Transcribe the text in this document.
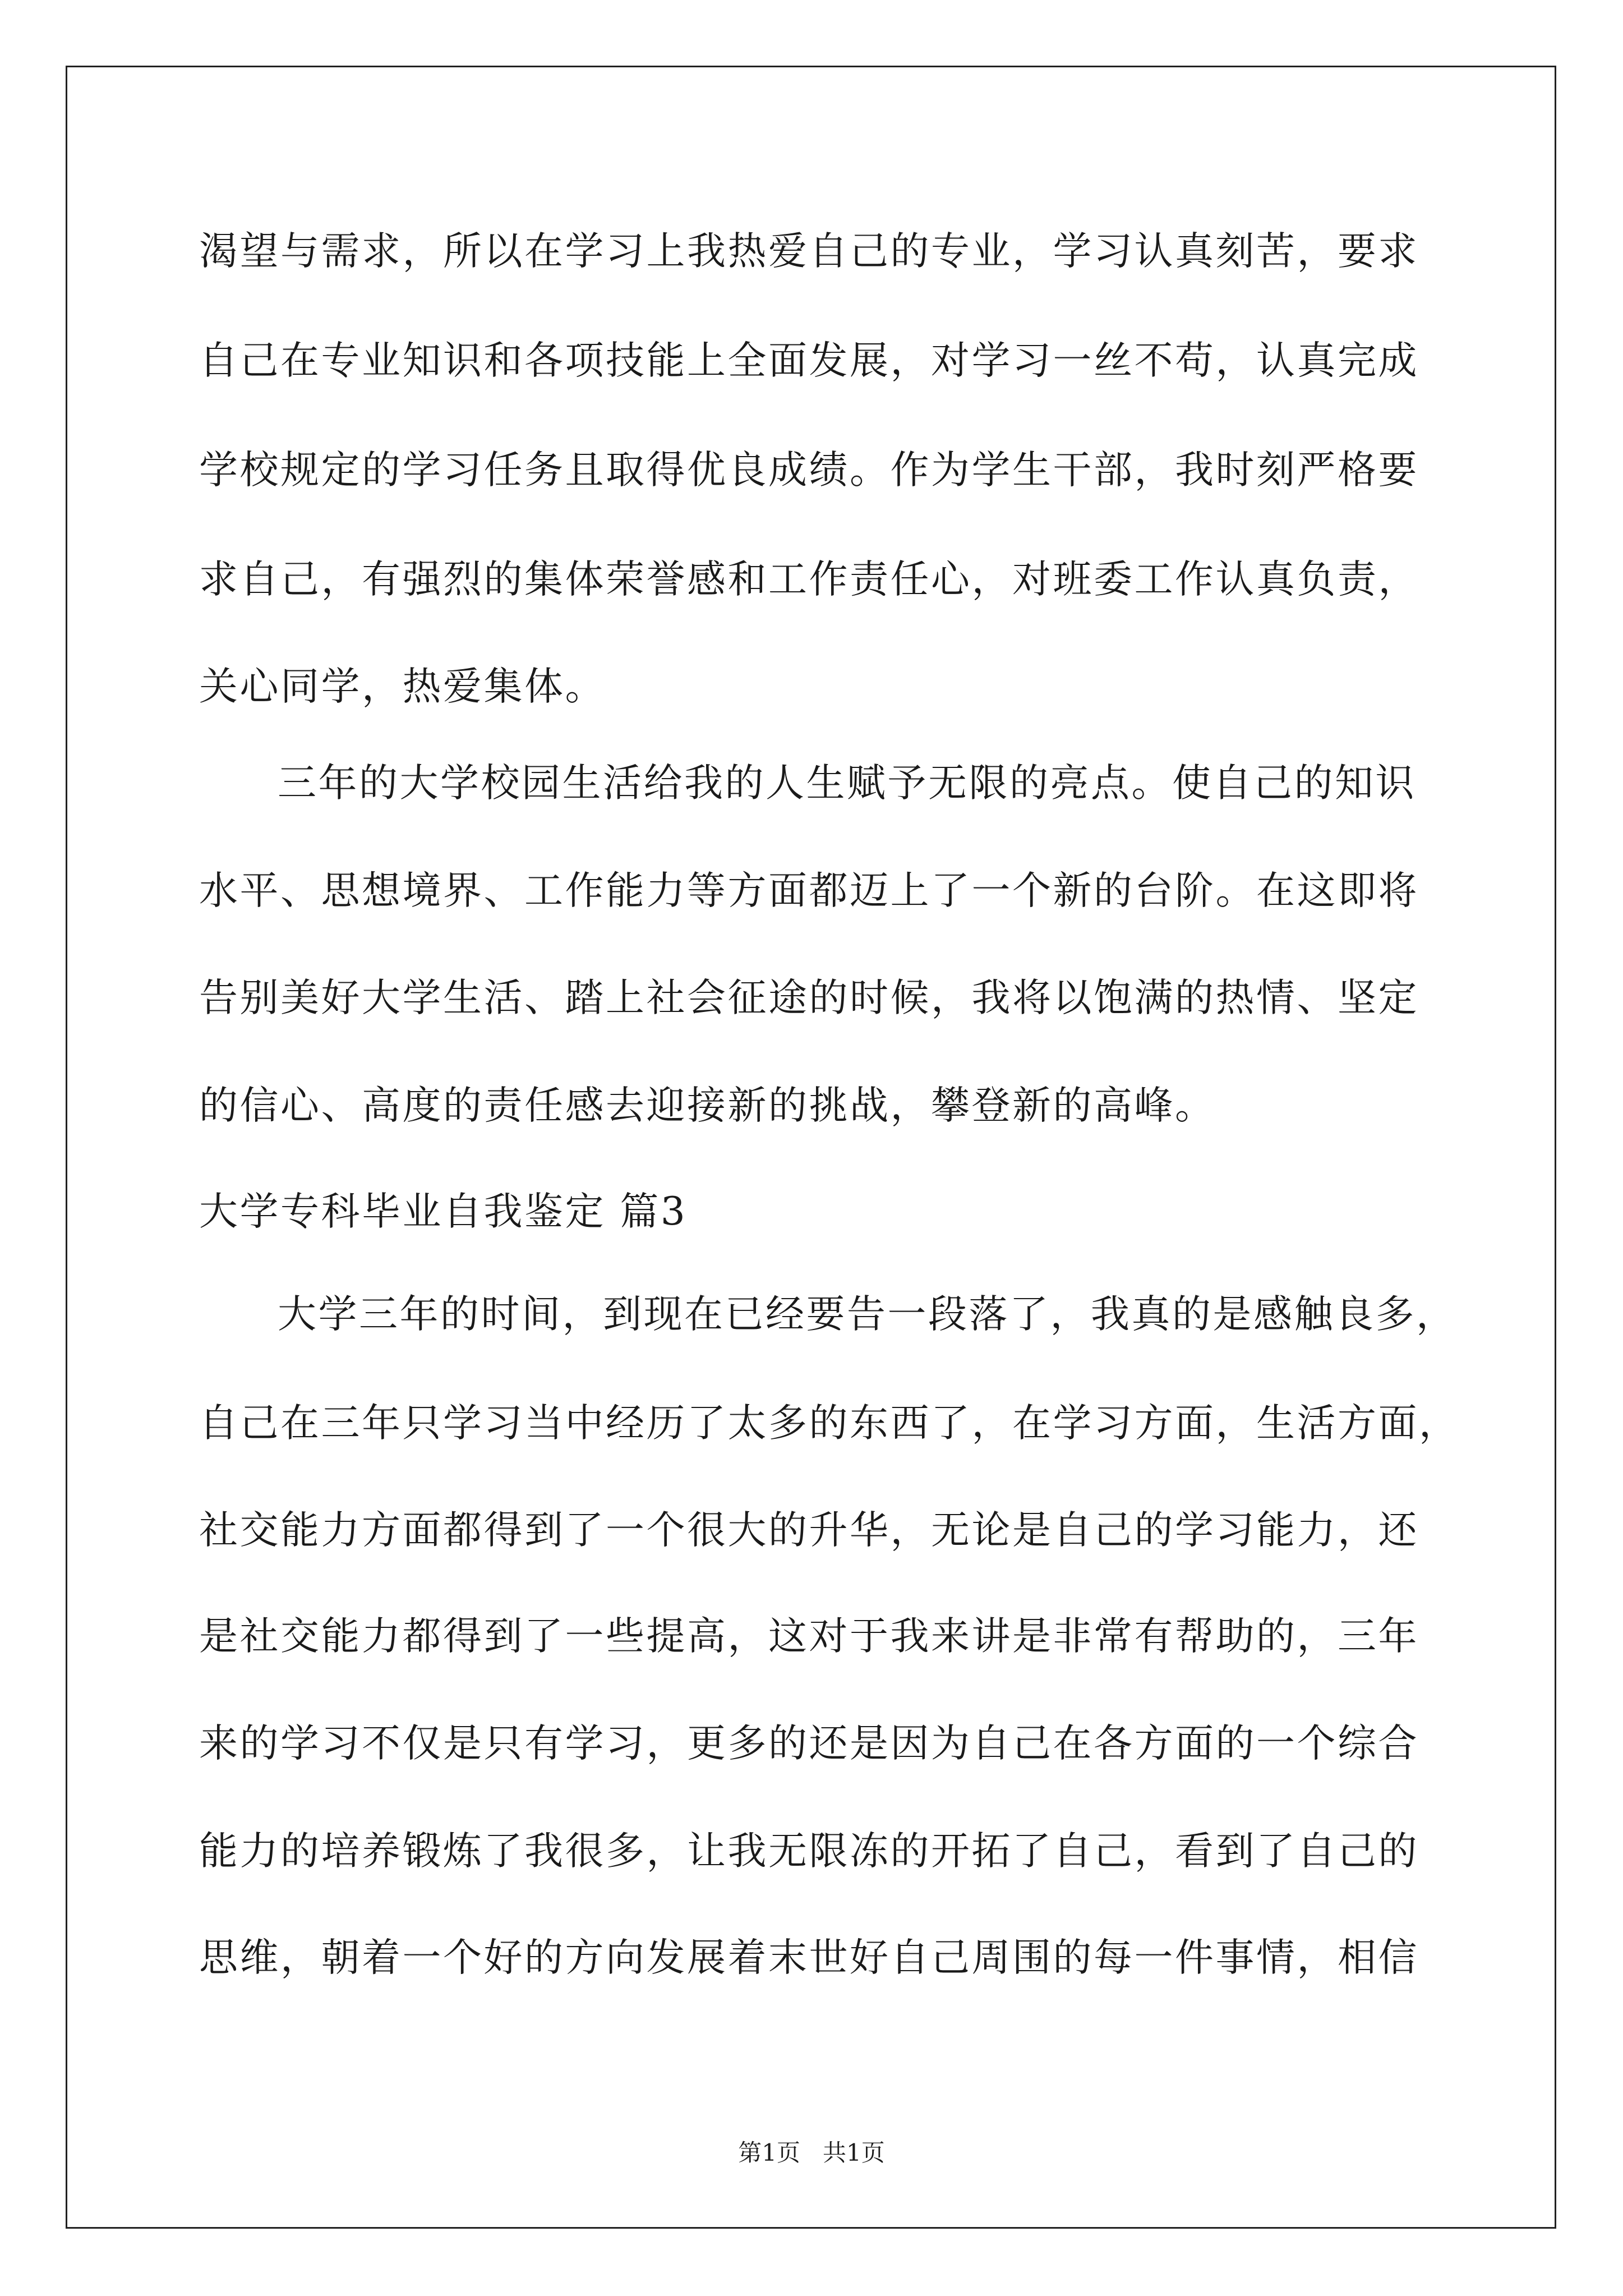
渴望与需求，所以在学习上我热爱自己的专业，学习认真刻苦，要求

自己在专业知识和各项技能上全面发展，对学习一丝不苟，认真完成

学校规定的学习任务且取得优良成绩。作为学生干部，我时刻严格要

求自己，有强烈的集体荣誉感和工作责任心，对班委工作认真负责，

关心同学，热爱集体。

三年的大学校园生活给我的人生赋予无限的亮点。使自己的知识

水平、思想境界、工作能力等方面都迈上了一个新的台阶。在这即将

告别美好大学生活、踏上社会征途的时候，我将以饱满的热情、坚定

的信心、高度的责任感去迎接新的挑战，攀登新的高峰。

大学专科毕业自我鉴定 篇3

大学三年的时间，到现在已经要告一段落了，我真的是感触良多，

自己在三年只学习当中经历了太多的东西了，在学习方面，生活方面，

社交能力方面都得到了一个很大的升华，无论是自己的学习能力，还

是社交能力都得到了一些提高，这对于我来讲是非常有帮助的，三年

来的学习不仅是只有学习，更多的还是因为自己在各方面的一个综合

能力的培养锻炼了我很多，让我无限冻的开拓了自己，看到了自己的

思维，朝着一个好的方向发展着末世好自己周围的每一件事情，相信

第1页   共1页
